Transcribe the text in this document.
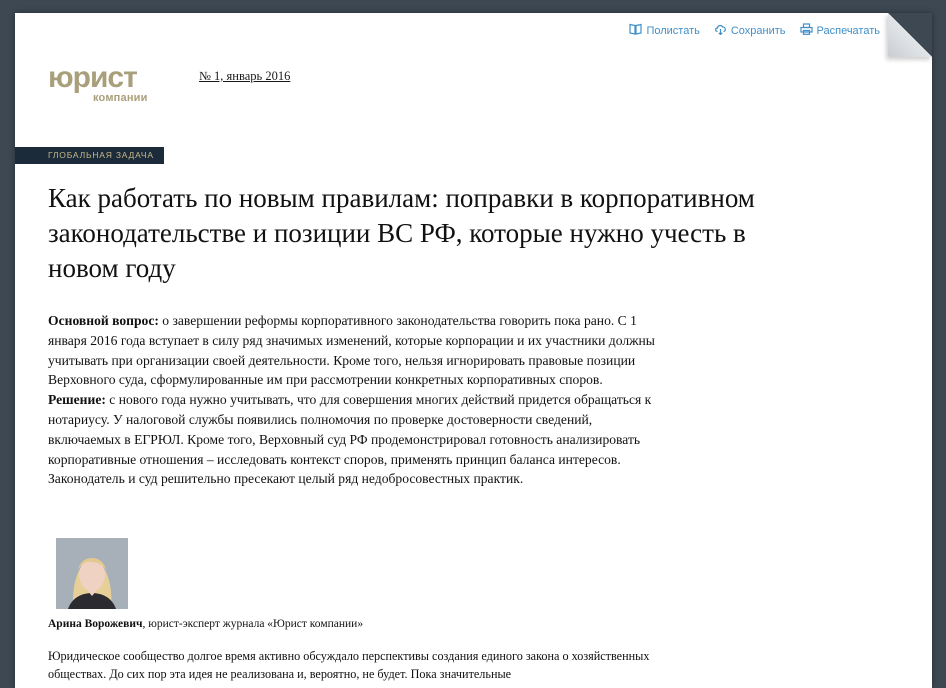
Полистать	Сохранить	Распечатать
юрист
компании
№ 1, январь 2016
ГЛОБАЛЬНАЯ ЗАДАЧА
Как работать по новым правилам: поправки в корпоративном законодательстве и позиции ВС РФ, которые нужно учесть в новом году

Основной вопрос: о завершении реформы корпоративного законодательства говорить пока рано. С 1 января 2016 года вступает в силу ряд значимых изменений, которые корпорации и их участники должны учитывать при организации своей деятельности. Кроме того, нельзя игнорировать правовые позиции Верховного суда, сформулированные им при рассмотрении конкретных корпоративных споров.

Решение: с нового года нужно учитывать, что для совершения многих действий придется обращаться к нотариусу. У налоговой службы появились полномочия по проверке достоверности сведений, включаемых в ЕГРЮЛ. Кроме того, Верховный суд РФ продемонстрировал готовность анализировать корпоративные отношения – исследовать контекст споров, применять принцип баланса интересов. Законодатель и суд решительно пресекают целый ряд недобросовестных практик.

Арина Ворожевич, юрист-эксперт журнала «Юрист компании»

Юридическое сообщество долгое время активно обсуждало перспективы создания единого закона о хозяйственных обществах. До сих пор эта идея не реализована и, вероятно, не будет. Пока значительные
